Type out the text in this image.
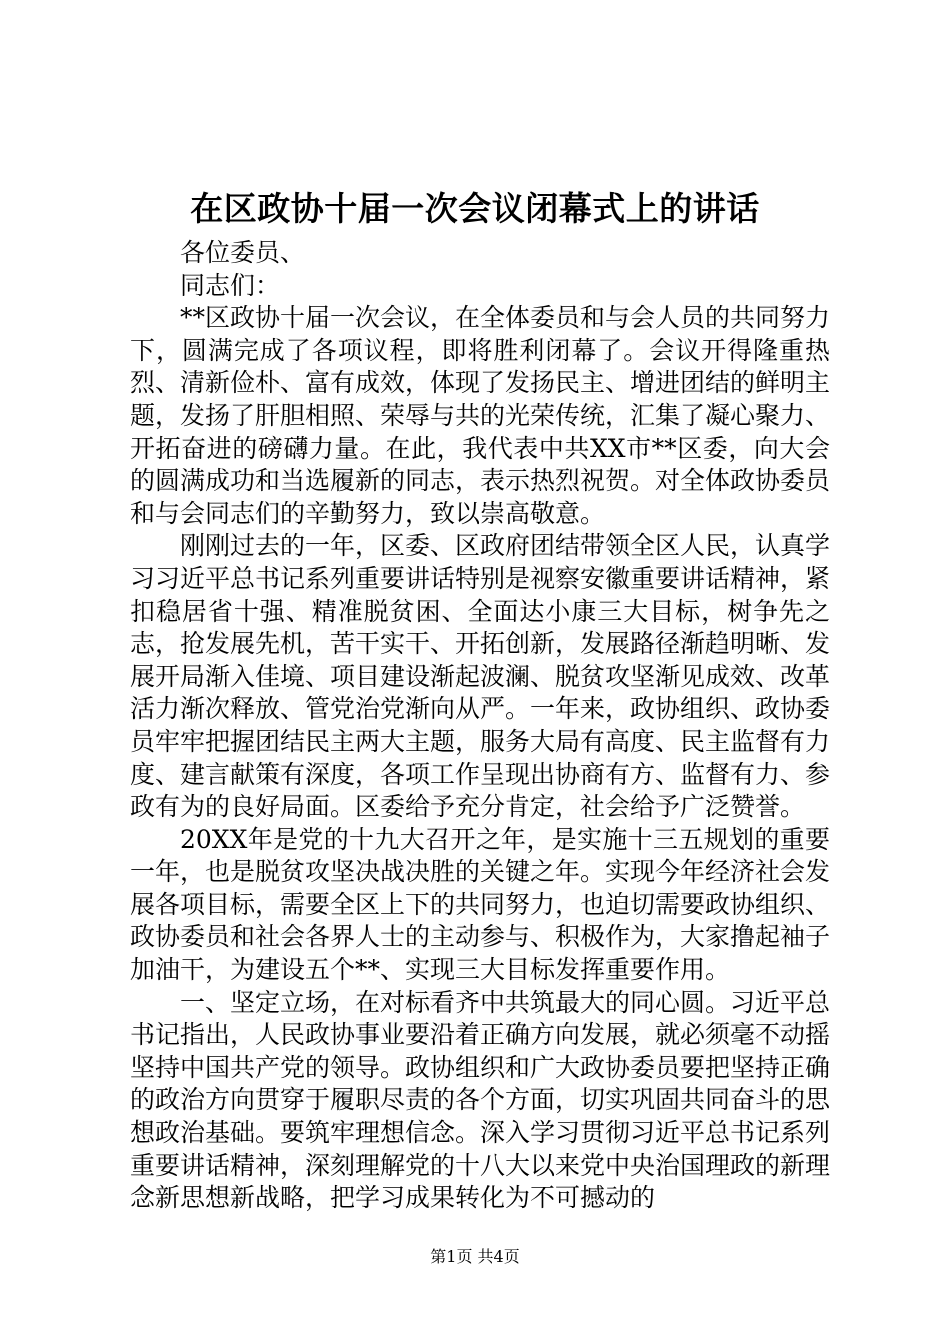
在区政协十届一次会议闭幕式上的讲话

各位委员、

同志们：

**区政协十届一次会议，在全体委员和与会人员的共同努力下，圆满完成了各项议程，即将胜利闭幕了。会议开得隆重热烈、清新俭朴、富有成效，体现了发扬民主、增进团结的鲜明主题，发扬了肝胆相照、荣辱与共的光荣传统，汇集了凝心聚力、开拓奋进的磅礴力量。在此，我代表中共XX市**区委，向大会的圆满成功和当选履新的同志，表示热烈祝贺。对全体政协委员和与会同志们的辛勤努力，致以崇高敬意。

刚刚过去的一年，区委、区政府团结带领全区人民，认真学习习近平总书记系列重要讲话特别是视察安徽重要讲话精神，紧扣稳居省十强、精准脱贫困、全面达小康三大目标，树争先之志，抢发展先机，苦干实干、开拓创新，发展路径渐趋明晰、发展开局渐入佳境、项目建设渐起波澜、脱贫攻坚渐见成效、改革活力渐次释放、管党治党渐向从严。一年来，政协组织、政协委员牢牢把握团结民主两大主题，服务大局有高度、民主监督有力度、建言献策有深度，各项工作呈现出协商有方、监督有力、参政有为的良好局面。区委给予充分肯定，社会给予广泛赞誉。

20XX年是党的十九大召开之年，是实施十三五规划的重要一年，也是脱贫攻坚决战决胜的关键之年。实现今年经济社会发展各项目标，需要全区上下的共同努力，也迫切需要政协组织、政协委员和社会各界人士的主动参与、积极作为，大家撸起袖子加油干，为建设五个**、实现三大目标发挥重要作用。

一、坚定立场，在对标看齐中共筑最大的同心圆。习近平总书记指出，人民政协事业要沿着正确方向发展，就必须毫不动摇坚持中国共产党的领导。政协组织和广大政协委员要把坚持正确的政治方向贯穿于履职尽责的各个方面，切实巩固共同奋斗的思想政治基础。要筑牢理想信念。深入学习贯彻习近平总书记系列重要讲话精神，深刻理解党的十八大以来党中央治国理政的新理念新思想新战略，把学习成果转化为不可撼动的

第1页 共4页
